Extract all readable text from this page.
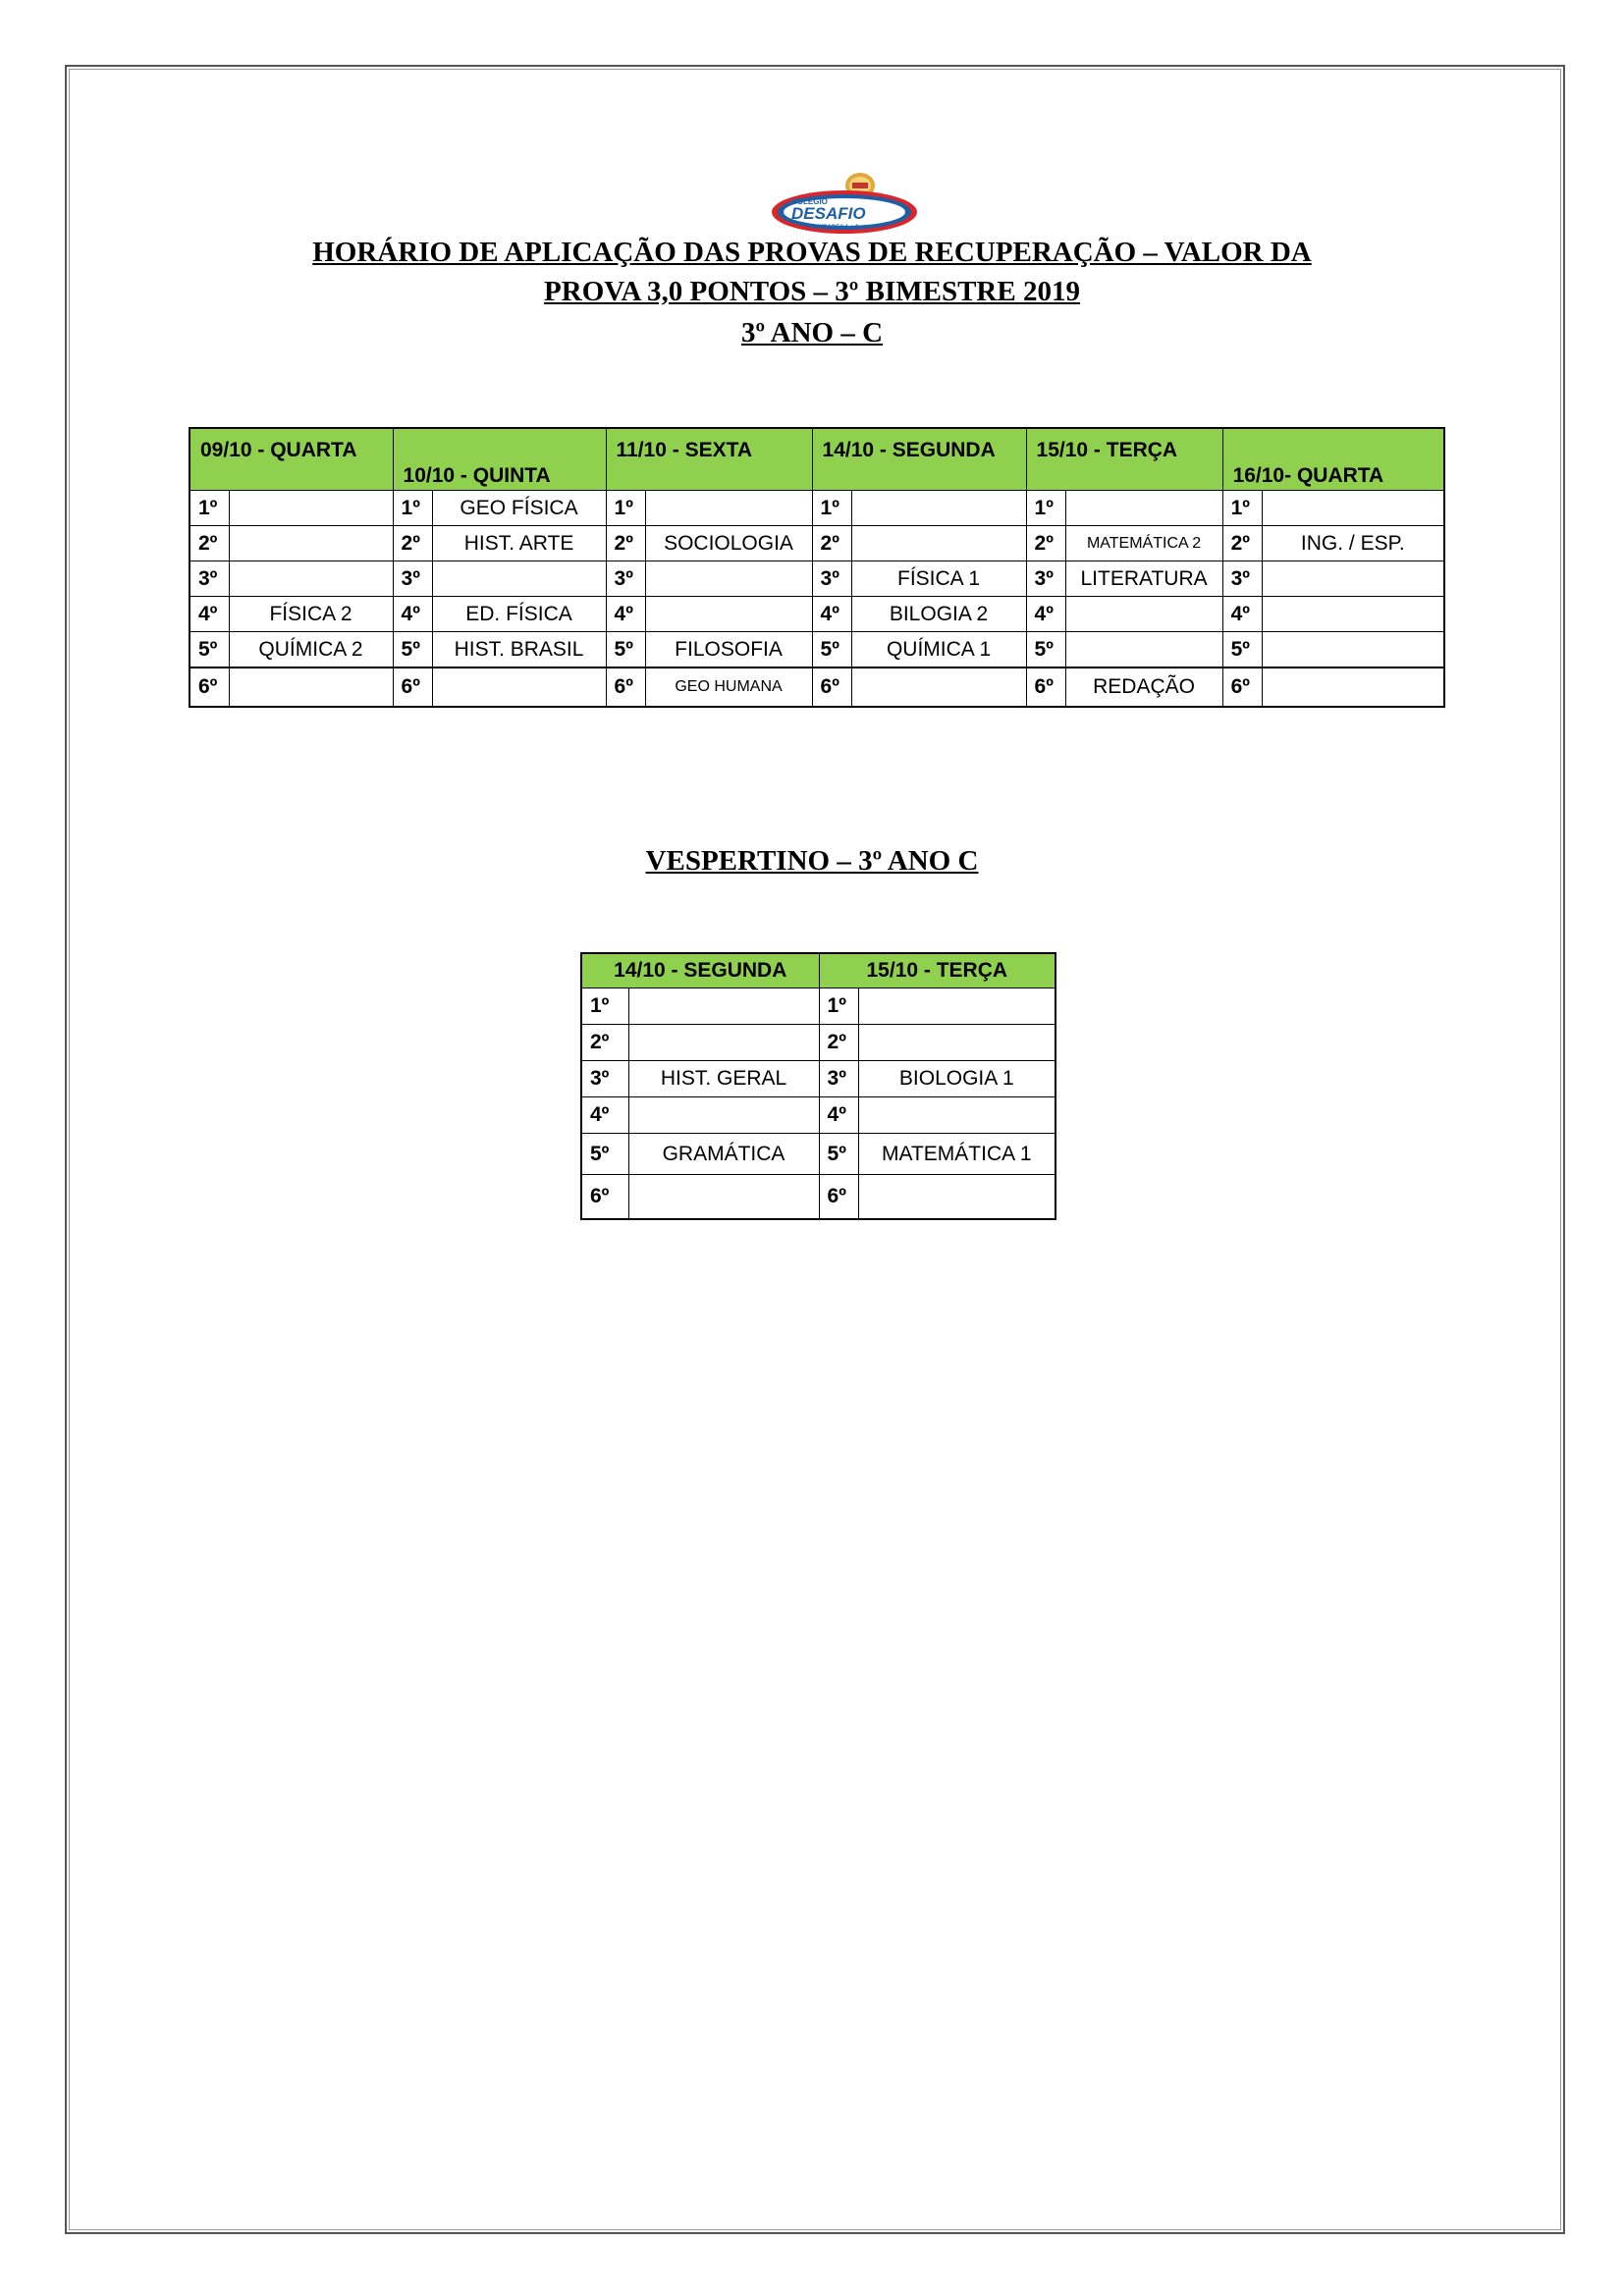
COLÉGIO
DESAFIO
UNIDADES 1 e 2
HORÁRIO DE APLICAÇÃO DAS PROVAS DE RECUPERAÇÃO – VALOR DA
PROVA 3,0 PONTOS – 3º BIMESTRE 2019
3º ANO – C
09/10 - QUARTA		10/10 - QUINTA		11/10 - SEXTA		14/10 - SEGUNDA		15/10 - TERÇA		16/10- QUARTA	
1º		1º	GEO FÍSICA	1º		1º		1º		1º	
2º		2º	HIST. ARTE	2º	SOCIOLOGIA	2º		2º	MATEMÁTICA 2	2º	ING. / ESP.
3º		3º		3º		3º	FÍSICA 1	3º	LITERATURA	3º	
4º	FÍSICA 2	4º	ED. FÍSICA	4º		4º	BILOGIA 2	4º		4º	
5º	QUÍMICA 2	5º	HIST. BRASIL	5º	FILOSOFIA	5º	QUÍMICA 1	5º		5º	
6º		6º		6º	GEO HUMANA	6º		6º	REDAÇÃO	6º	
VESPERTINO – 3º ANO C
14/10 - SEGUNDA		15/10 - TERÇA	
1º		1º	
2º		2º	
3º	HIST. GERAL	3º	BIOLOGIA 1
4º		4º	
5º	GRAMÁTICA	5º	MATEMÁTICA 1
6º		6º	
